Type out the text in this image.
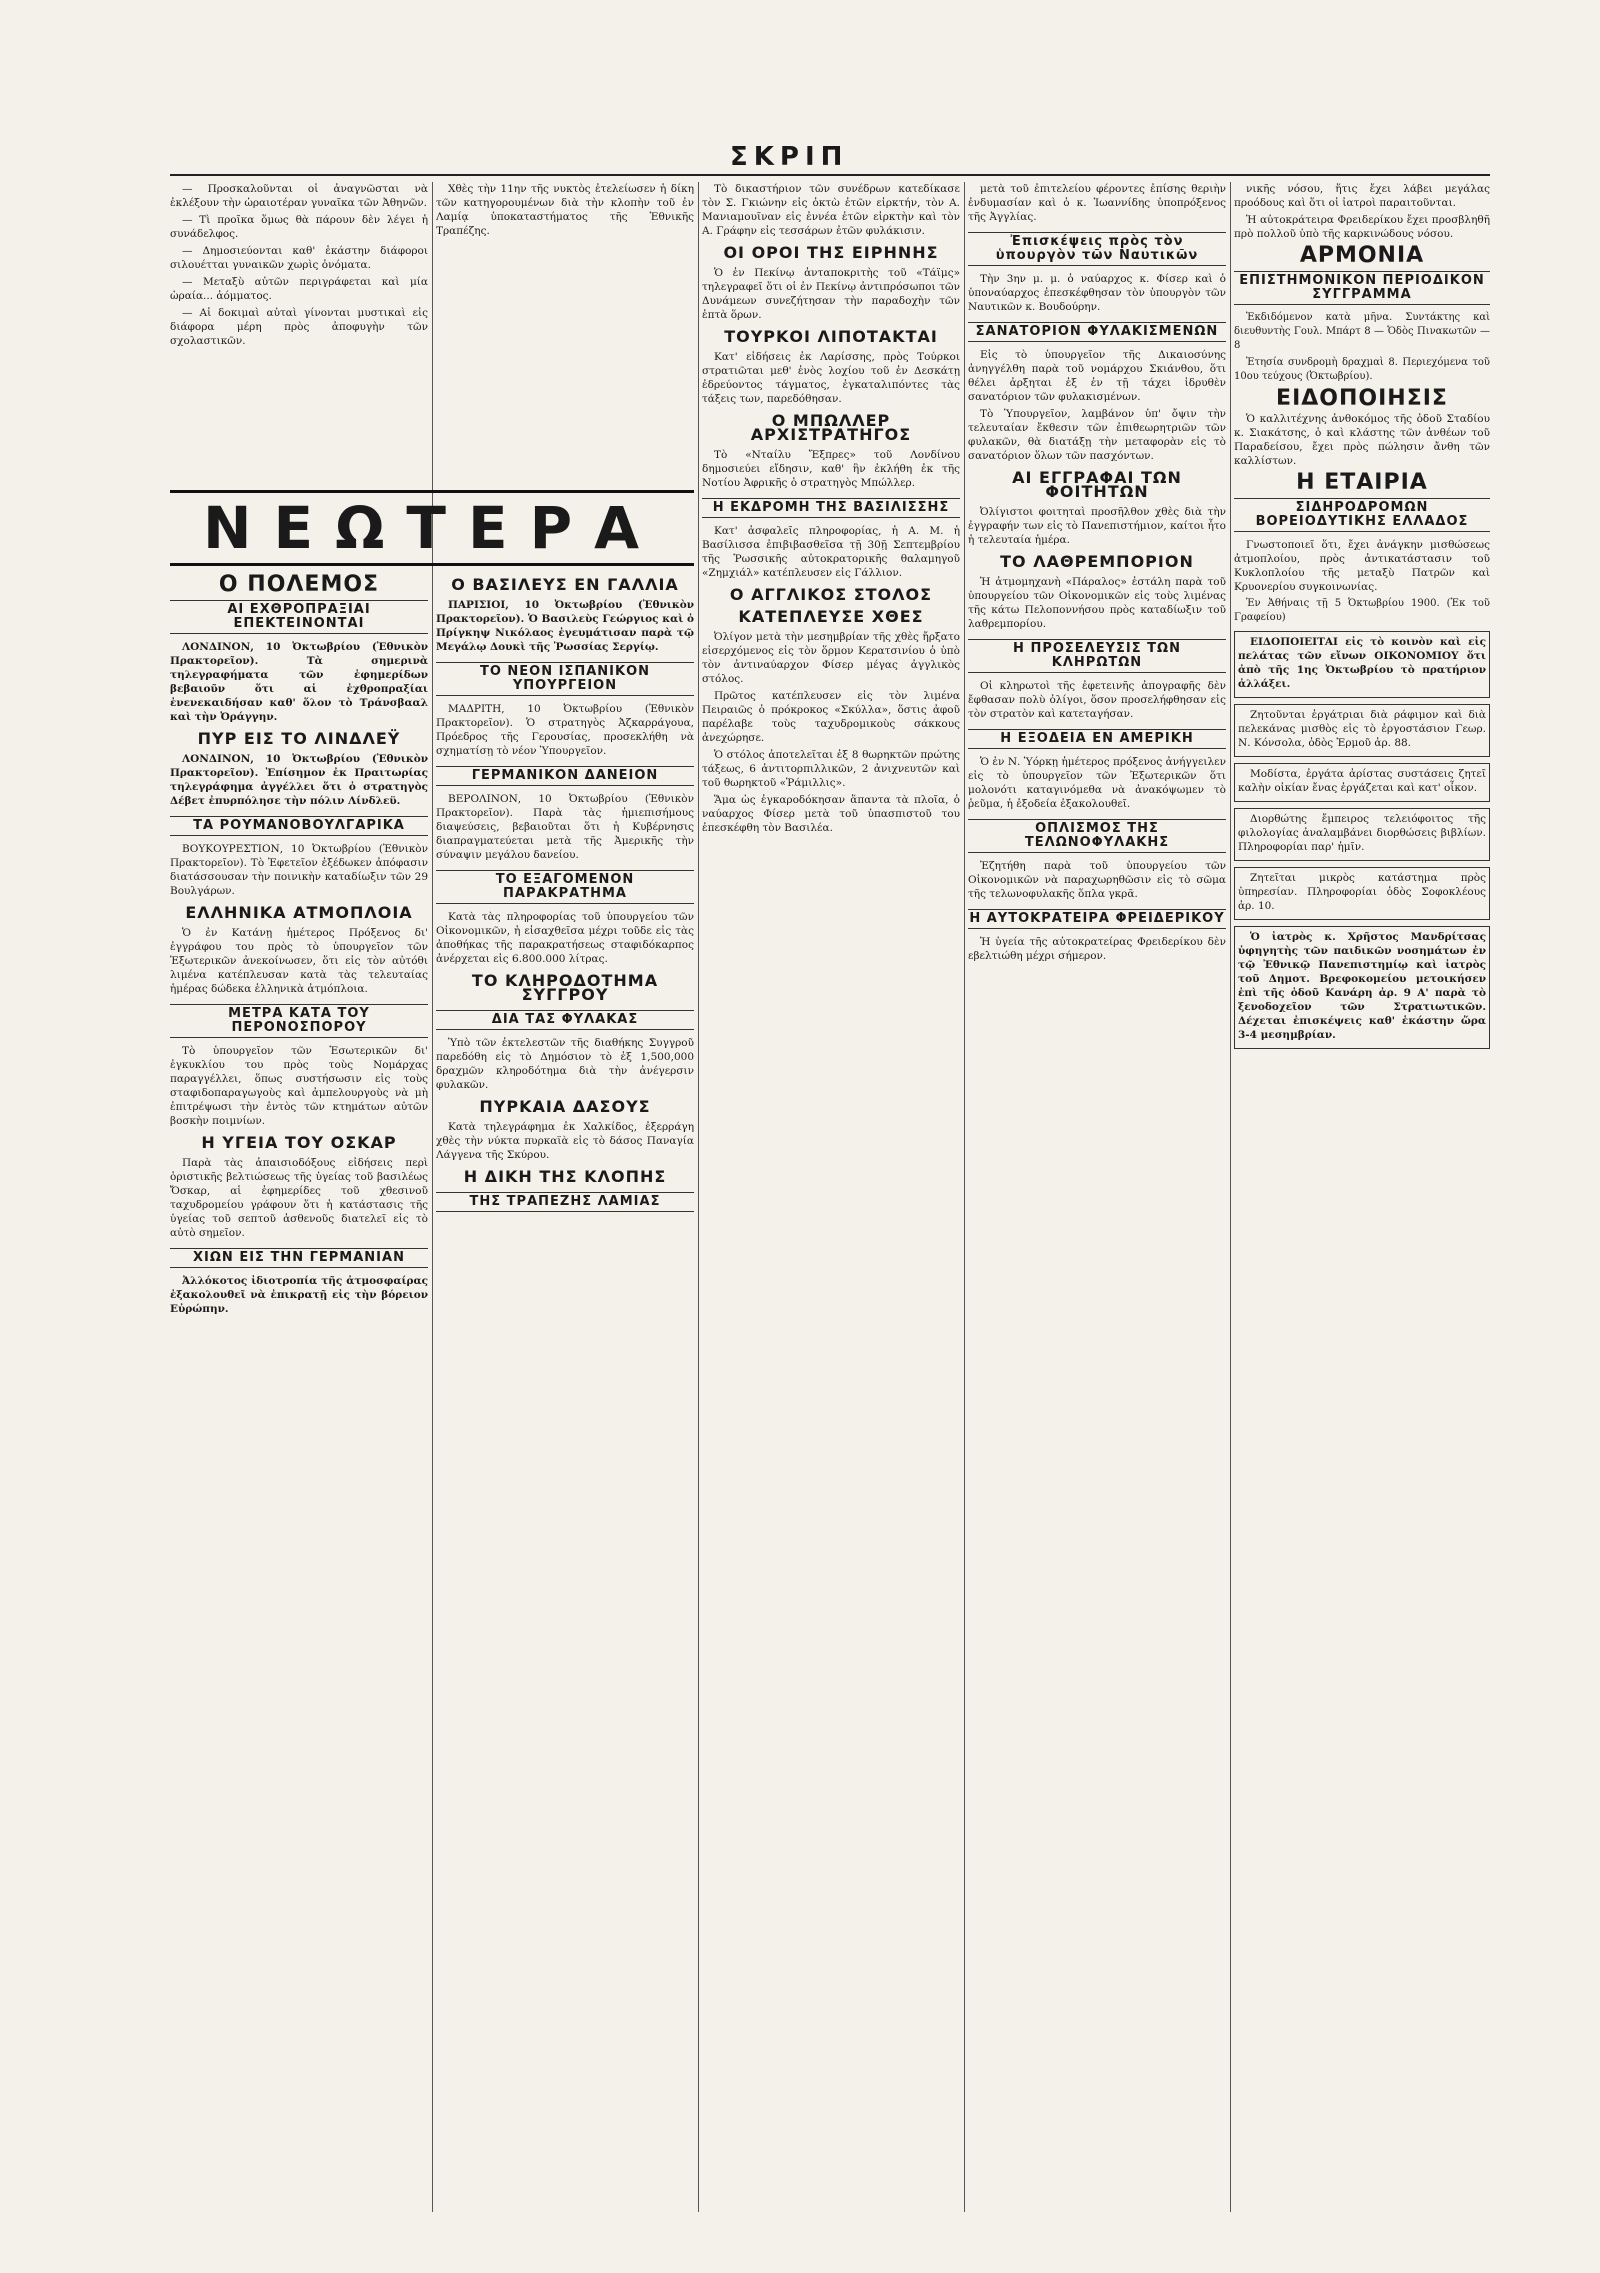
ΣΚΡΙΠ

— Προσκαλοῦνται οἱ ἀναγνῶσται νὰ ἐκλέξουν τὴν ὡραιοτέραν γυναῖκα τῶν Ἀθηνῶν.

— Τὶ προῖκα ὅμως θὰ πάρουν δὲν λέγει ἡ συνάδελφος.

— Δημοσιεύονται καθ' ἑκάστην διάφοροι σιλουέτται γυναικῶν χωρὶς ὀνόματα.

— Μεταξὺ αὐτῶν περιγράφεται καὶ μία ὡραία... ἀόμματος.

— Αἱ δοκιμαὶ αὐταὶ γίνονται μυστικαὶ εἰς διάφορα μέρη πρὸς ἀποφυγὴν τῶν σχολαστικῶν.

Χθὲς τὴν 11ην τῆς νυκτὸς ἐτελείωσεν ἡ δίκη τῶν κατηγορουμένων διὰ τὴν κλοπὴν τοῦ ἐν Λαμίᾳ ὑποκαταστήματος τῆς Ἐθνικῆς Τραπέζης.

ΝΕΩΤΕΡΑ
Ο ΠΟΛΕΜΟΣ
ΑΙ ΕΧΘΡΟΠΡΑΞΙΑΙ ΕΠΕΚΤΕΙΝΟΝΤΑΙ

ΛΟΝΔΙΝΟΝ, 10 Ὀκτωβρίου (Ἐθνικὸν Πρακτορεῖον). Τὰ σημερινὰ τηλεγραφήματα τῶν ἐφημερίδων βεβαιοῦν ὅτι αἱ ἐχθροπραξίαι ἐνενεκαιδήσαν καθ' ὅλον τὸ Τράνσβααλ καὶ τὴν Ὀράγγην.

ΠΥΡ ΕΙΣ ΤΟ ΛΙΝΔΛΕΫ

ΛΟΝΔΙΝΟΝ, 10 Ὀκτωβρίου (Ἐθνικὸν Πρακτορεῖον). Ἐπίσημον ἐκ Πραιτωρίας τηλεγράφημα ἀγγέλλει ὅτι ὁ στρατηγὸς Δέβετ ἐπυρπόλησε τὴν πόλιν Λίνδλεϋ.

ΤΑ ΡΟΥΜΑΝΟΒΟΥΛΓΑΡΙΚΑ

ΒΟΥΚΟΥΡΕΣΤΙΟΝ, 10 Ὀκτωβρίου (Ἐθνικὸν Πρακτορεῖον). Τὸ Ἐφετεῖον ἐξέδωκεν ἀπόφασιν διατάσσουσαν τὴν ποινικὴν καταδίωξιν τῶν 29 Βουλγάρων.

ΕΛΛΗΝΙΚΑ ΑΤΜΟΠΛΟΙΑ

Ὁ ἐν Κατάνῃ ἡμέτερος Πρόξενος δι' ἐγγράφου του πρὸς τὸ ὑπουργεῖον τῶν Ἐξωτερικῶν ἀνεκοίνωσεν, ὅτι εἰς τὸν αὐτόθι λιμένα κατέπλευσαν κατὰ τὰς τελευταίας ἡμέρας δώδεκα ἑλληνικὰ ἀτμόπλοια.

ΜΕΤΡΑ ΚΑΤΑ ΤΟΥ ΠΕΡΟΝΟΣΠΟΡΟΥ

Τὸ ὑπουργεῖον τῶν Ἐσωτερικῶν δι' ἐγκυκλίου του πρὸς τοὺς Νομάρχας παραγγέλλει, ὅπως συστήσωσιν εἰς τοὺς σταφιδοπαραγωγοὺς καὶ ἀμπελουργοὺς νὰ μὴ ἐπιτρέψωσι τὴν ἐντὸς τῶν κτημάτων αὐτῶν βοσκὴν ποιμνίων.

Η ΥΓΕΙΑ ΤΟΥ ΟΣΚΑΡ

Παρὰ τὰς ἀπαισιοδόξους εἰδήσεις περὶ ὁριστικῆς βελτιώσεως τῆς ὑγείας τοῦ βασιλέως Ὄσκαρ, αἱ ἐφημερίδες τοῦ χθεσινοῦ ταχυδρομείου γράφουν ὅτι ἡ κατάστασις τῆς ὑγείας τοῦ σεπτοῦ ἀσθενοῦς διατελεῖ εἰς τὸ αὐτὸ σημεῖον.

ΧΙΩΝ ΕΙΣ ΤΗΝ ΓΕΡΜΑΝΙΑΝ

Ἀλλόκοτος ἰδιοτροπία τῆς ἀτμοσφαίρας ἐξακολουθεῖ νὰ ἐπικρατῇ εἰς τὴν βόρειον Εὐρώπην.

Ο ΒΑΣΙΛΕΥΣ ΕΝ ΓΑΛΛΙΑ

ΠΑΡΙΣΙΟΙ, 10 Ὀκτωβρίου (Ἐθνικὸν Πρακτορεῖον). Ὁ Βασιλεὺς Γεώργιος καὶ ὁ Πρίγκηψ Νικόλαος ἐγευμάτισαν παρὰ τῷ Μεγάλῳ Δουκὶ τῆς Ῥωσσίας Σεργίῳ.

ΤΟ ΝΕΟΝ ΙΣΠΑΝΙΚΟΝ ΥΠΟΥΡΓΕΙΟΝ

ΜΑΔΡΙΤΗ, 10 Ὀκτωβρίου (Ἐθνικὸν Πρακτορεῖον). Ὁ στρατηγὸς Ἀζκαρράγουα, Πρόεδρος τῆς Γερουσίας, προσεκλήθη νὰ σχηματίσῃ τὸ νέον Ὑπουργεῖον.

ΓΕΡΜΑΝΙΚΟΝ ΔΑΝΕΙΟΝ

ΒΕΡΟΛΙΝΟΝ, 10 Ὀκτωβρίου (Ἐθνικὸν Πρακτορεῖον). Παρὰ τὰς ἡμιεπισήμους διαψεύσεις, βεβαιοῦται ὅτι ἡ Κυβέρνησις διαπραγματεύεται μετὰ τῆς Ἀμερικῆς τὴν σύναψιν μεγάλου δανείου.

ΤΟ ΕΞΑΓΟΜΕΝΟΝ ΠΑΡΑΚΡΑΤΗΜΑ

Κατὰ τὰς πληροφορίας τοῦ ὑπουργείου τῶν Οἰκονομικῶν, ἡ εἰσαχθεῖσα μέχρι τοῦδε εἰς τὰς ἀποθήκας τῆς παρακρατήσεως σταφιδόκαρπος ἀνέρχεται εἰς 6.800.000 λίτρας.

ΤΟ ΚΛΗΡΟΔΟΤΗΜΑ ΣΥΓΓΡΟΥ
ΔΙΑ ΤΑΣ ΦΥΛΑΚΑΣ

Ὑπὸ τῶν ἐκτελεστῶν τῆς διαθήκης Συγγροῦ παρεδόθη εἰς τὸ Δημόσιον τὸ ἐξ 1,500,000 δραχμῶν κληροδότημα διὰ τὴν ἀνέγερσιν φυλακῶν.

ΠΥΡΚΑΙΑ ΔΑΣΟΥΣ

Κατὰ τηλεγράφημα ἐκ Χαλκίδος, ἐξερράγη χθὲς τὴν νύκτα πυρκαϊὰ εἰς τὸ δάσος Παναγία Λάγγενα τῆς Σκύρου.

Η ΔΙΚΗ ΤΗΣ ΚΛΟΠΗΣ
ΤΗΣ ΤΡΑΠΕΖΗΣ ΛΑΜΙΑΣ

Τὸ δικαστήριον τῶν συνέδρων κατεδίκασε τὸν Σ. Γκιώνην εἰς ὀκτὼ ἐτῶν εἱρκτήν, τὸν Α. Μανιαμουῖναν εἰς ἐννέα ἐτῶν εἱρκτὴν καὶ τὸν Α. Γράφην εἰς τεσσάρων ἐτῶν φυλάκισιν.

ΟΙ ΟΡΟΙ ΤΗΣ ΕΙΡΗΝΗΣ

Ὁ ἐν Πεκίνῳ ἀνταποκριτὴς τοῦ «Τάϊμς» τηλεγραφεῖ ὅτι οἱ ἐν Πεκίνῳ ἀντιπρόσωποι τῶν Δυνάμεων συνεζήτησαν τὴν παραδοχὴν τῶν ἑπτὰ ὅρων.

ΤΟΥΡΚΟΙ ΛΙΠΟΤΑΚΤΑΙ

Κατ' εἰδήσεις ἐκ Λαρίσσης, πρὸς Τούρκοι στρατιῶται μεθ' ἑνὸς λοχίου τοῦ ἐν Δεσκάτῃ ἐδρεύοντος τάγματος, ἐγκαταλιπόντες τὰς τάξεις των, παρεδόθησαν.

Ο ΜΠΩΛΛΕΡ ΑΡΧΙΣΤΡΑΤΗΓΟΣ

Τὸ «Νταίλυ Ἔξπρες» τοῦ Λονδίνου δημοσιεύει εἴδησιν, καθ' ἣν ἐκλήθη ἐκ τῆς Νοτίου Ἀφρικῆς ὁ στρατηγὸς Μπώλλερ.

Η ΕΚΔΡΟΜΗ ΤΗΣ ΒΑΣΙΛΙΣΣΗΣ

Κατ' ἀσφαλεῖς πληροφορίας, ἡ Α. Μ. ἡ Βασίλισσα ἐπιβιβασθεῖσα τῇ 30ῇ Σεπτεμβρίου τῆς Ῥωσσικῆς αὐτοκρατορικῆς θαλαμηγοῦ «Ζημχιάλ» κατέπλευσεν εἰς Γάλλιον.

Ο ΑΓΓΛΙΚΟΣ ΣΤΟΛΟΣ
ΚΑΤΕΠΛΕΥΣΕ ΧΘΕΣ

Ὀλίγον μετὰ τὴν μεσημβρίαν τῆς χθὲς ἤρξατο εἰσερχόμενος εἰς τὸν ὅρμον Κερατσινίου ὁ ὑπὸ τὸν ἀντιναύαρχον Φίσερ μέγας ἀγγλικὸς στόλος.

Πρῶτος κατέπλευσεν εἰς τὸν λιμένα Πειραιῶς ὁ πρόκροκος «Σκύλλα», ὅστις ἀφοῦ παρέλαβε τοὺς ταχυδρομικοὺς σάκκους ἀνεχώρησε.

Ὁ στόλος ἀποτελεῖται ἐξ 8 θωρηκτῶν πρώτης τάξεως, 6 ἀντιτορπιλλικῶν, 2 ἀνιχνευτῶν καὶ τοῦ θωρηκτοῦ «Ῥάμιλλις».

Ἅμα ὡς ἐγκαροδόκησαν ἅπαντα τὰ πλοῖα, ὁ ναύαρχος Φίσερ μετὰ τοῦ ὑπασπιστοῦ του ἐπεσκέφθη τὸν Βασιλέα.

μετὰ τοῦ ἐπιτελείου φέροντες ἐπίσης θεριὴν ἐνδυμασίαν καὶ ὁ κ. Ἰωαννίδης ὑποπρόξενος τῆς Ἀγγλίας.

Ἐπισκέψεις πρὸς τὸν ὑπουργὸν τῶν Ναυτικῶν

Τὴν 3ην μ. μ. ὁ ναύαρχος κ. Φίσερ καὶ ὁ ὑποναύαρχος ἐπεσκέφθησαν τὸν ὑπουργὸν τῶν Ναυτικῶν κ. Βουδούρην.

ΣΑΝΑΤΟΡΙΟΝ ΦΥΛΑΚΙΣΜΕΝΩΝ

Εἰς τὸ ὑπουργεῖον τῆς Δικαιοσύνης ἀνηγγέλθη παρὰ τοῦ νομάρχου Σκιάνθου, ὅτι θέλει ἀρξηται ἐξ ἐν τῇ τάχει ἱδρυθὲν σανατόριον τῶν φυλακισμένων.

Τὸ Ὑπουργεῖον, λαμβάνον ὑπ' ὄψιν τὴν τελευταίαν ἔκθεσιν τῶν ἐπιθεωρητριῶν τῶν φυλακῶν, θὰ διατάξῃ τὴν μεταφορὰν εἰς τὸ σανατόριον ὅλων τῶν πασχόντων.

ΑΙ ΕΓΓΡΑΦΑΙ ΤΩΝ ΦΟΙΤΗΤΩΝ

Ὀλίγιστοι φοιτηταὶ προσῆλθον χθὲς διὰ τὴν ἐγγραφήν των εἰς τὸ Πανεπιστήμιον, καίτοι ἦτο ἡ τελευταία ἡμέρα.

ΤΟ ΛΑΘΡΕΜΠΟΡΙΟΝ

Ἡ ἀτμομηχανὴ «Πάραλος» ἐστάλη παρὰ τοῦ ὑπουργείου τῶν Οἰκονομικῶν εἰς τοὺς λιμένας τῆς κάτω Πελοποννήσου πρὸς καταδίωξιν τοῦ λαθρεμπορίου.

Η ΠΡΟΣΕΛΕΥΣΙΣ ΤΩΝ ΚΛΗΡΩΤΩΝ

Οἱ κληρωτοὶ τῆς ἐφετεινῆς ἀπογραφῆς δὲν ἔφθασαν πολὺ ὀλίγοι, ὅσον προσελήφθησαν εἰς τὸν στρατὸν καὶ κατεταγήσαν.

Η ΕΞΟΔΕΙΑ ΕΝ ΑΜΕΡΙΚΗ

Ὁ ἐν Ν. Ὑόρκῃ ἡμέτερος πρόξενος ἀνήγγειλεν εἰς τὸ ὑπουργεῖον τῶν Ἐξωτερικῶν ὅτι μολονότι καταγινόμεθα νὰ ἀνακόψωμεν τὸ ῥεῦμα, ἡ ἐξοδεία ἐξακολουθεῖ.

ΟΠΛΙΣΜΟΣ ΤΗΣ ΤΕΛΩΝΟΦΥΛΑΚΗΣ

Ἐζητήθη παρὰ τοῦ ὑπουργείου τῶν Οἰκονομικῶν νὰ παραχωρηθῶσιν εἰς τὸ σῶμα τῆς τελωνοφυλακῆς ὅπλα γκρᾶ.

Η ΑΥΤΟΚΡΑΤΕΙΡΑ ΦΡΕΙΔΕΡΙΚΟΥ

Ἡ ὑγεία τῆς αὐτοκρατείρας Φρειδερίκου δὲν εβελτιώθη μέχρι σήμερον.

νικῆς νόσου, ἥτις ἔχει λάβει μεγάλας προόδους καὶ ὅτι οἱ ἰατροὶ παραιτοῦνται.

Ἡ αὐτοκράτειρα Φρειδερίκου ἔχει προσβληθῆ πρὸ πολλοῦ ὑπὸ τῆς καρκινώδους νόσου.

ΑΡΜΟΝΙΑ
ΕΠΙΣΤΗΜΟΝΙΚΟΝ ΠΕΡΙΟΔΙΚΟΝ ΣΥΓΓΡΑΜΜΑ

Ἐκδιδόμενον κατὰ μῆνα. Συντάκτης καὶ διευθυντὴς Γουλ. Μπάρτ 8 — Ὁδὸς Πινακωτῶν — 8

Ἐτησία συνδρομὴ δραχμαὶ 8. Περιεχόμενα τοῦ 10ου τεύχους (Ὀκτωβρίου).

ΕΙΔΟΠΟΙΗΣΙΣ

Ὁ καλλιτέχνης ἀνθοκόμος τῆς ὁδοῦ Σταδίου κ. Σιακάτσης, ὁ καὶ κλάστης τῶν ἀνθέων τοῦ Παραδείσου, ἔχει πρὸς πώλησιν ἄνθη τῶν καλλίστων.

Η ΕΤΑΙΡΙΑ
ΣΙΔΗΡΟΔΡΟΜΩΝ ΒΟΡΕΙΟΔΥΤΙΚΗΣ ΕΛΛΑΔΟΣ

Γνωστοποιεῖ ὅτι, ἔχει ἀνάγκην μισθώσεως ἀτμοπλοίου, πρὸς ἀντικατάστασιν τοῦ Κυκλοπλοίου τῆς μεταξὺ Πατρῶν καὶ Κρυονερίου συγκοινωνίας.

Ἐν Ἀθήναις τῇ 5 Ὀκτωβρίου 1900. (Ἐκ τοῦ Γραφείου)

ΕΙΔΟΠΟΙΕΙΤΑΙ εἰς τὸ κοινὸν καὶ εἰς πελάτας τῶν εἴνων ΟΙΚΟΝΟΜΙΟΥ ὅτι ἀπὸ τῆς 1ης Ὀκτωβρίου τὸ πρατήριον ἀλλάξει.

Ζητοῦνται ἐργάτριαι διὰ ράφιμον καὶ διὰ πελεκάνας μισθὸς εἰς τὸ ἐργοστάσιον Γεωρ. Ν. Κόνσολα, ὁδὸς Ἑρμοῦ ἀρ. 88.

Μοδίστα, ἐργάτα ἀρίστας συστάσεις ζητεῖ καλὴν οἰκίαν ἔνας ἐργάζεται καὶ κατ' οἶκον.

Διορθώτης ἔμπειρος τελειόφοιτος τῆς φιλολογίας ἀναλαμβάνει διορθώσεις βιβλίων. Πληροφορίαι παρ' ἡμῖν.

Ζητεῖται μικρὸς κατάστημα πρὸς ὑπηρεσίαν. Πληροφορίαι ὁδὸς Σοφοκλέους ἀρ. 10.

Ὁ ἰατρὸς κ. Χρῆστος Μανδρίτσας ὑφηγητὴς τῶν παιδικῶν νοσημάτων ἐν τῷ Ἐθνικῷ Πανεπιστημίῳ καὶ ἰατρὸς τοῦ Δημοτ. Βρεφοκομείου μετοικήσεν ἐπὶ τῆς ὁδοῦ Κανάρη ἀρ. 9 Α' παρὰ τὸ ξενοδοχεῖον τῶν Στρατιωτικῶν. Δέχεται ἐπισκέψεις καθ' ἑκάστην ὥρα 3-4 μεσημβρίαν.
